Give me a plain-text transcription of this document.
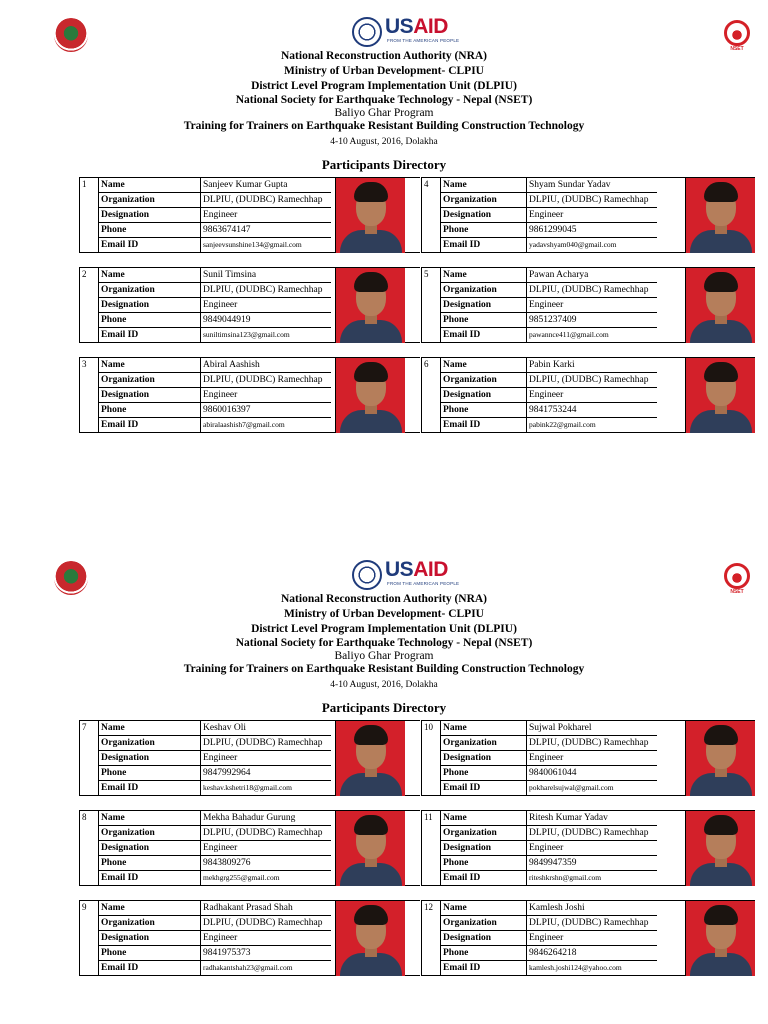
USAID
FROM THE AMERICAN PEOPLE
NSET
National Reconstruction Authority (NRA)
Ministry of Urban Development- CLPIU
District Level Program Implementation Unit (DLPIU)
National Society for Earthquake Technology - Nepal (NSET)
Baliyo Ghar Program
Training for Trainers on Earthquake Resistant Building Construction Technology
4-10 August, 2016, Dolakha
Participants Directory
1	Name	Sanjeev Kumar Gupta
Organization	DLPIU, (DUDBC) Ramechhap
Designation	Engineer
Phone	9863674147
Email ID	sanjeevsunshine134@gmail.com
4	Name	Shyam Sundar Yadav
Organization	DLPIU, (DUDBC) Ramechhap
Designation	Engineer
Phone	9861299045
Email ID	yadavshyam040@gmail.com
2	Name	Sunil Timsina
Organization	DLPIU, (DUDBC) Ramechhap
Designation	Engineer
Phone	9849044919
Email ID	suniltimsina123@gmail.com
5	Name	Pawan Acharya
Organization	DLPIU, (DUDBC) Ramechhap
Designation	Engineer
Phone	9851237409
Email ID	pawannce411@gmail.com
3	Name	Abiral Aashish
Organization	DLPIU, (DUDBC) Ramechhap
Designation	Engineer
Phone	9860016397
Email ID	abiralaashish7@gmail.com
6	Name	Pabin Karki
Organization	DLPIU, (DUDBC) Ramechhap
Designation	Engineer
Phone	9841753244
Email ID	pabink22@gmail.com
USAID
FROM THE AMERICAN PEOPLE
NSET
National Reconstruction Authority (NRA)
Ministry of Urban Development- CLPIU
District Level Program Implementation Unit (DLPIU)
National Society for Earthquake Technology - Nepal (NSET)
Baliyo Ghar Program
Training for Trainers on Earthquake Resistant Building Construction Technology
4-10 August, 2016, Dolakha
Participants Directory
7	Name	Keshav Oli
Organization	DLPIU, (DUDBC) Ramechhap
Designation	Engineer
Phone	9847992964
Email ID	keshav.kshetri18@gmail.com
10	Name	Sujwal Pokharel
Organization	DLPIU, (DUDBC) Ramechhap
Designation	Engineer
Phone	9840061044
Email ID	pokharelsujwal@gmail.com
8	Name	Mekha Bahadur Gurung
Organization	DLPIU, (DUDBC) Ramechhap
Designation	Engineer
Phone	9843809276
Email ID	mekhgrg255@gmail.com
11	Name	Ritesh Kumar Yadav
Organization	DLPIU, (DUDBC) Ramechhap
Designation	Engineer
Phone	9849947359
Email ID	riteshkrshn@gmail.com
9	Name	Radhakant Prasad Shah
Organization	DLPIU, (DUDBC) Ramechhap
Designation	Engineer
Phone	9841975373
Email ID	radhakantshah23@gmail.com
12	Name	Kamlesh Joshi
Organization	DLPIU, (DUDBC) Ramechhap
Designation	Engineer
Phone	9846264218
Email ID	kamlesh.joshi124@yahoo.com
